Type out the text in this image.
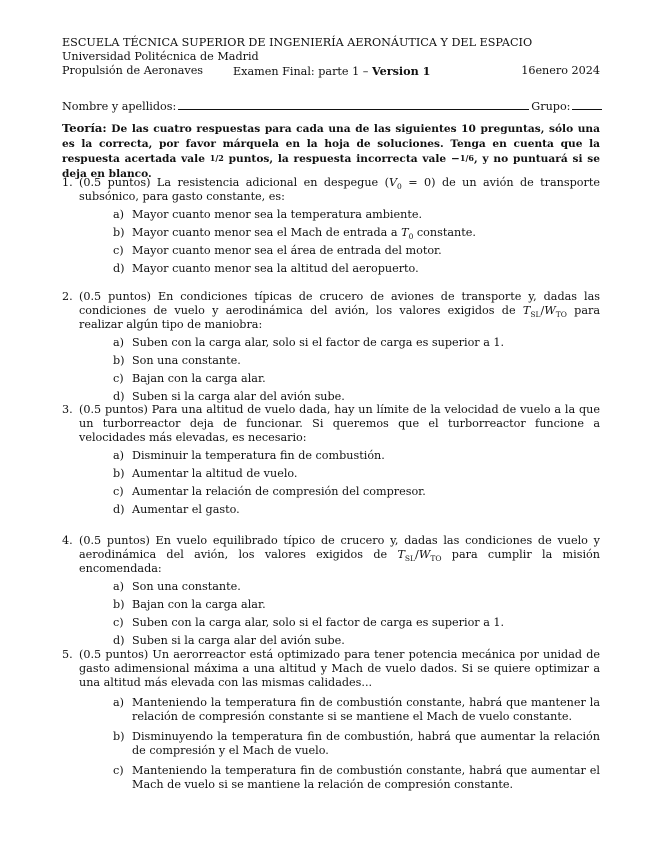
ESCUELA TÉCNICA SUPERIOR DE INGENIERÍA AERONÁUTICA Y DEL ESPACIO
Universidad Politécnica de Madrid
Propulsión de Aeronaves	Examen Final: parte 1 – Version 1	16enero 2024
Nombre y apellidos:	Grupo:
Teoría: De las cuatro respuestas para cada una de las siguientes 10 preguntas, sólo una es la correcta, por favor márquela en la hoja de soluciones. Tenga en cuenta que la respuesta acertada vale 1/2 puntos, la respuesta incorrecta vale −1/6, y no puntuará si se deja en blanco.
1. (0.5 puntos) La resistencia adicional en despegue $(V_0 = 0)$ de un avión de transporte subsónico, para gasto constante, es:
a) Mayor cuanto menor sea la temperatura ambiente.
b) Mayor cuanto menor sea el Mach de entrada a $T_0$ constante.
c) Mayor cuanto menor sea el área de entrada del motor.
d) Mayor cuanto menor sea la altitud del aeropuerto.
2. (0.5 puntos) En condiciones típicas de crucero de aviones de transporte y, dadas las condiciones de vuelo y aerodinámica del avión, los valores exigidos de $T_{SL}/W_{TO}$ para realizar algún tipo de maniobra:
a) Suben con la carga alar, solo si el factor de carga es superior a 1.
b) Son una constante.
c) Bajan con la carga alar.
d) Suben si la carga alar del avión sube.
3. (0.5 puntos) Para una altitud de vuelo dada, hay un límite de la velocidad de vuelo a la que un turborreactor deja de funcionar. Si queremos que el turborreactor funcione a velocidades más elevadas, es necesario:
a) Disminuir la temperatura fin de combustión.
b) Aumentar la altitud de vuelo.
c) Aumentar la relación de compresión del compresor.
d) Aumentar el gasto.
4. (0.5 puntos) En vuelo equilibrado típico de crucero y, dadas las condiciones de vuelo y aerodinámica del avión, los valores exigidos de $T_{SL}/W_{TO}$ para cumplir la misión encomendada:
a) Son una constante.
b) Bajan con la carga alar.
c) Suben con la carga alar, solo si el factor de carga es superior a 1.
d) Suben si la carga alar del avión sube.
5. (0.5 puntos) Un aerorreactor está optimizado para tener potencia mecánica por unidad de gasto adimensional máxima a una altitud y Mach de vuelo dados. Si se quiere optimizar a una altitud más elevada con las mismas calidades...
a) Manteniendo la temperatura fin de combustión constante, habrá que mantener la relación de compresión constante si se mantiene el Mach de vuelo constante.
b) Disminuyendo la temperatura fin de combustión, habrá que aumentar la relación de compresión y el Mach de vuelo.
c) Manteniendo la temperatura fin de combustión constante, habrá que aumentar el Mach de vuelo si se mantiene la relación de compresión constante.
